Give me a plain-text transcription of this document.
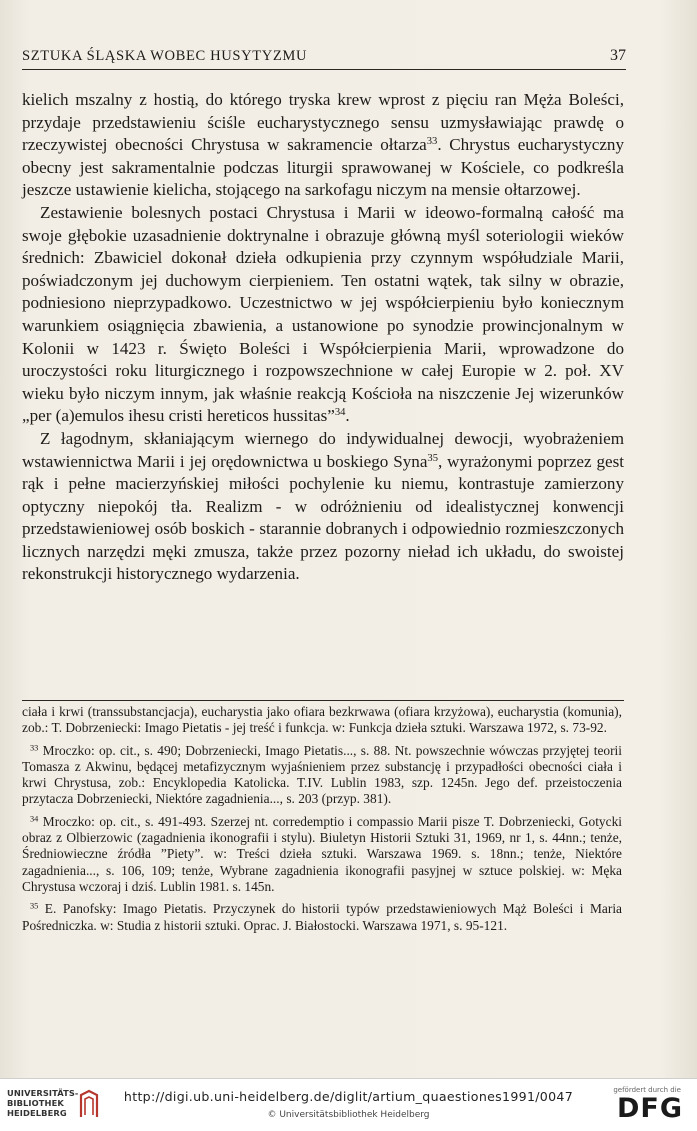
SZTUKA ŚLĄSKA WOBEC HUSYTYZMU	37

kielich mszalny z hostią, do którego tryska krew wprost z pięciu ran Męża Boleści, przydaje przedstawieniu ściśle eucharystycznego sensu uzmysławiając prawdę o rzeczywistej obecności Chrystusa w sakramencie ołtarza$^{33}$. Chrystus eucharystyczny obecny jest sakramentalnie podczas liturgii sprawowanej w Kościele, co podkreśla jeszcze ustawienie kielicha, stojącego na sarkofagu niczym na mensie ołtarzowej.

Zestawienie bolesnych postaci Chrystusa i Marii w ideowo-formalną całość ma swoje głębokie uzasadnienie doktrynalne i obrazuje główną myśl soteriologii wieków średnich: Zbawiciel dokonał dzieła odkupienia przy czynnym współudziale Marii, poświadczonym jej duchowym cierpieniem. Ten ostatni wątek, tak silny w obrazie, podniesiono nieprzypadkowo. Uczestnictwo w jej współcierpieniu było koniecznym warunkiem osiągnięcia zbawienia, a ustanowione po synodzie prowincjonalnym w Kolonii w 1423 r. Święto Boleści i Współcierpienia Marii, wprowadzone do uroczystości roku liturgicznego i rozpowszechnione w całej Europie w 2. poł. XV wieku było niczym innym, jak właśnie reakcją Kościoła na niszczenie Jej wizerunków „per (a)emulos ihesu cristi hereticos hussitas”$^{34}$.

Z łagodnym, skłaniającym wiernego do indywidualnej dewocji, wyobrażeniem wstawiennictwa Marii i jej orędownictwa u boskiego Syna$^{35}$, wyrażonymi poprzez gest rąk i pełne macierzyńskiej miłości pochylenie ku niemu, kontrastuje zamierzony optyczny niepokój tła. Realizm - w odróżnieniu od idealistycznej konwencji przedstawieniowej osób boskich - starannie dobranych i odpowiednio rozmieszczonych licznych narzędzi męki zmusza, także przez pozorny nieład ich układu, do swoistej rekonstrukcji historycznego wydarzenia.

ciała i krwi (transsubstancjacja), eucharystia jako ofiara bezkrwawa (ofiara krzyżowa), eucharystia (komunia), zob.: T. Dobrzeniecki: Imago Pietatis - jej treść i funkcja. w: Funkcja dzieła sztuki. Warszawa 1972, s. 73-92.

$^{33}$ Mroczko: op. cit., s. 490; Dobrzeniecki, Imago Pietatis..., s. 88. Nt. powszechnie wówczas przyjętej teorii Tomasza z Akwinu, będącej metafizycznym wyjaśnieniem przez substancję i przypadłości obecności ciała i krwi Chrystusa, zob.: Encyklopedia Katolicka. T.IV. Lublin 1983, szp. 1245n. Jego def. przeistoczenia przytacza Dobrzeniecki, Niektóre zagadnienia..., s. 203 (przyp. 381).

$^{34}$ Mroczko: op. cit., s. 491-493. Szerzej nt. corredemptio i compassio Marii pisze T. Dobrzeniecki, Gotycki obraz z Olbierzowic (zagadnienia ikonografii i stylu). Biuletyn Historii Sztuki 31, 1969, nr 1, s. 44nn.; tenże, Średniowieczne źródła ”Piety”. w: Treści dzieła sztuki. Warszawa 1969. s. 18nn.; tenże, Niektóre zagadnienia..., s. 106, 109; tenże, Wybrane zagadnienia ikonografii pasyjnej w sztuce polskiej. w: Męka Chrystusa wczoraj i dziś. Lublin 1981. s. 145n.

$^{35}$ E. Panofsky: Imago Pietatis. Przyczynek do historii typów przedstawieniowych Mąż Boleści i Maria Pośredniczka. w: Studia z historii sztuki. Oprac. J. Białostocki. Warszawa 1971, s. 95-121.

UNIVERSITÄTS-
BIBLIOTHEK
HEIDELBERG
http://digi.ub.uni-heidelberg.de/diglit/artium_quaestiones1991/0047
© Universitätsbibliothek Heidelberg
gefördert durch die
DFG
